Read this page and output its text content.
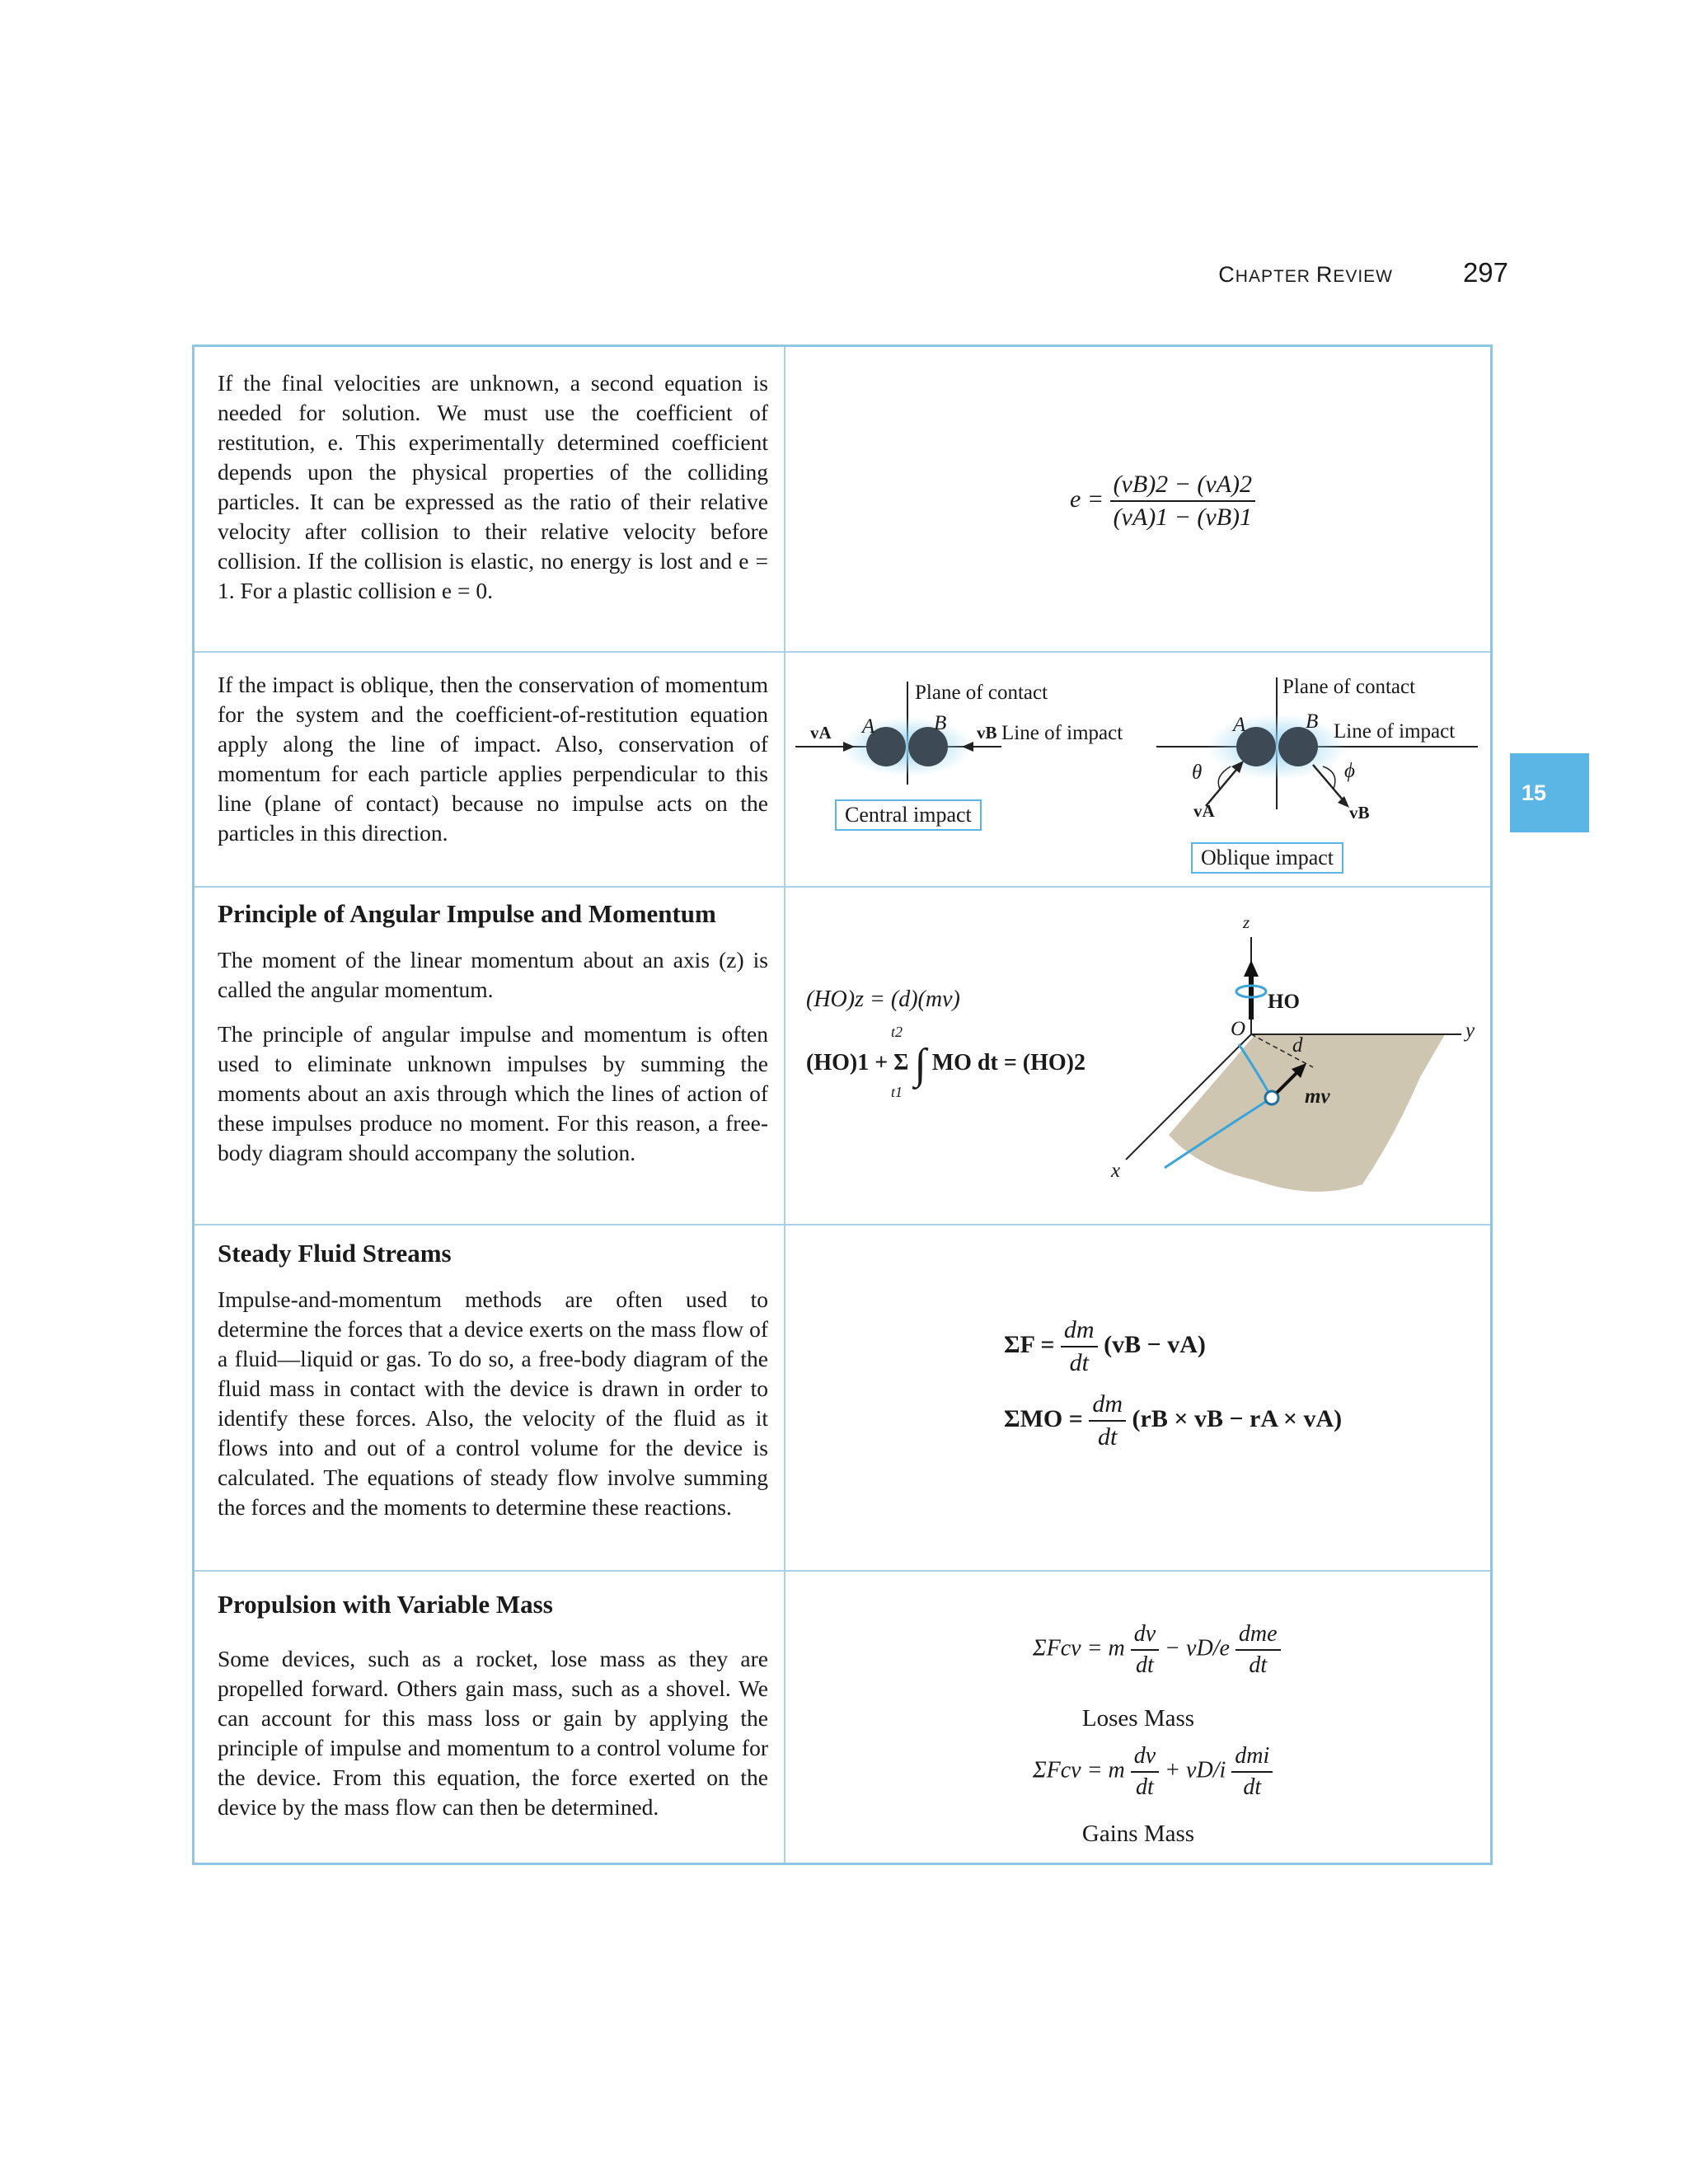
CHAPTER REVIEW	297
15

If the final velocities are unknown, a second equation is needed for solution. We must use the coefficient of restitution, e. This experimentally determined coefficient depends upon the physical properties of the colliding particles. It can be expressed as the ratio of their relative velocity after collision to their relative velocity before collision. If the collision is elastic, no energy is lost and e = 1. For a plastic collision e = 0.

$e = \frac{(vB)2 - (vA)2}{(vA)1 - (vB)1}$

If the impact is oblique, then the conservation of momentum for the system and the coefficient-of-restitution equation apply along the line of impact. Also, conservation of momentum for each particle applies perpendicular to this line (plane of contact) because no impulse acts on the particles in this direction.

Plane of contact
A	B
vA	vB Line of impact
Central impact
Plane of contact
A	B Line of impact
θ	ϕ
vA	vB
Oblique impact
Principle of Angular Impulse and Momentum

The moment of the linear momentum about an axis (z) is called the angular momentum.

The principle of angular impulse and momentum is often used to eliminate unknown impulses by summing the moments about an axis through which the lines of action of these impulses produce no moment. For this reason, a free-body diagram should accompany the solution.

(HO)z = (d)(mv)
(HO)1 + Σ ∫ MO dt = (HO)2
t2
t1
z
y
x
O
d
HO
mv
Steady Fluid Streams

Impulse-and-momentum methods are often used to determine the forces that a device exerts on the mass flow of a fluid—liquid or gas. To do so, a free-body diagram of the fluid mass in contact with the device is drawn in order to identify these forces. Also, the velocity of the fluid as it flows into and out of a control volume for the device is calculated. The equations of steady flow involve summing the forces and the moments to determine these reactions.

$\Sigma F = \frac{dm}{dt} (vB - vA)$
$\Sigma MO = \frac{dm}{dt} (rB$ × vB − rA × vA)
Propulsion with Variable Mass

Some devices, such as a rocket, lose mass as they are propelled forward. Others gain mass, such as a shovel. We can account for this mass loss or gain by applying the principle of impulse and momentum to a control volume for the device. From this equation, the force exerted on the device by the mass flow can then be determined.

ΣFcv = m $\frac{dv}{dt} - vD/e \frac{\text{dme}}{dt}$
Loses Mass
ΣFcv = m $\frac{dv}{dt} + vD/i \frac{\text{dmi}}{dt}$
Gains Mass
